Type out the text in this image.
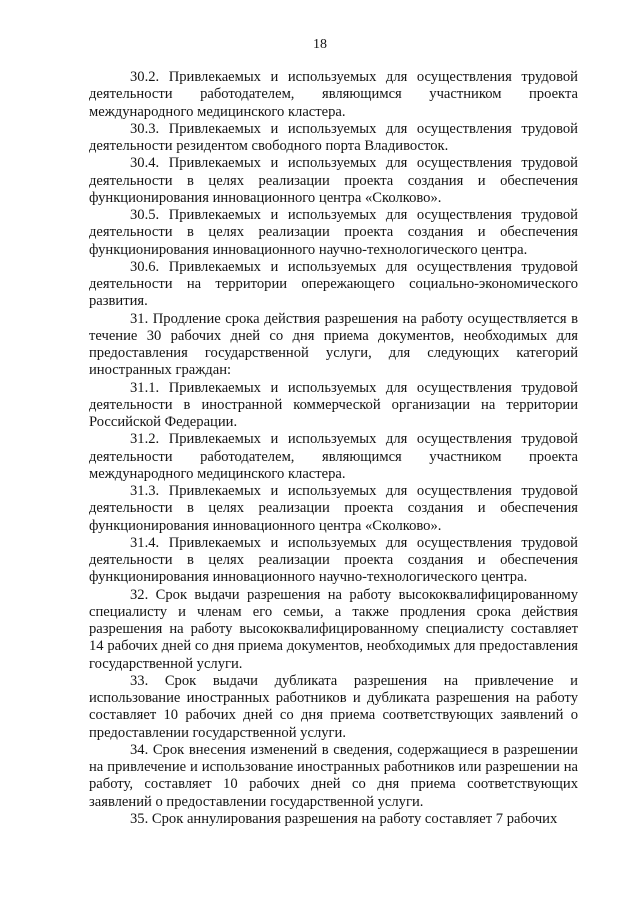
18

30.2. Привлекаемых и используемых для осуществления трудовой деятельности работодателем, являющимся участником проекта международного медицинского кластера.

30.3. Привлекаемых и используемых для осуществления трудовой деятельности резидентом свободного порта Владивосток.

30.4. Привлекаемых и используемых для осуществления трудовой деятельности в целях реализации проекта создания и обеспечения функционирования инновационного центра «Сколково».

30.5. Привлекаемых и используемых для осуществления трудовой деятельности в целях реализации проекта создания и обеспечения функционирования инновационного научно-технологического центра.

30.6. Привлекаемых и используемых для осуществления трудовой деятельности на территории опережающего социально-экономического развития.

31. Продление срока действия разрешения на работу осуществляется в течение 30 рабочих дней со дня приема документов, необходимых для предоставления государственной услуги, для следующих категорий иностранных граждан:

31.1. Привлекаемых и используемых для осуществления трудовой деятельности в иностранной коммерческой организации на территории Российской Федерации.

31.2. Привлекаемых и используемых для осуществления трудовой деятельности работодателем, являющимся участником проекта международного медицинского кластера.

31.3. Привлекаемых и используемых для осуществления трудовой деятельности в целях реализации проекта создания и обеспечения функционирования инновационного центра «Сколково».

31.4. Привлекаемых и используемых для осуществления трудовой деятельности в целях реализации проекта создания и обеспечения функционирования инновационного научно-технологического центра.

32. Срок выдачи разрешения на работу высококвалифицированному специалисту и членам его семьи, а также продления срока действия разрешения на работу высококвалифицированному специалисту составляет 14 рабочих дней со дня приема документов, необходимых для предоставления государственной услуги.

33. Срок выдачи дубликата разрешения на привлечение и использование иностранных работников и дубликата разрешения на работу составляет 10 рабочих дней со дня приема соответствующих заявлений о предоставлении государственной услуги.

34. Срок внесения изменений в сведения, содержащиеся в разрешении на привлечение и использование иностранных работников или разрешении на работу, составляет 10 рабочих дней со дня приема соответствующих заявлений о предоставлении государственной услуги.

35. Срок аннулирования разрешения на работу составляет 7 рабочих
